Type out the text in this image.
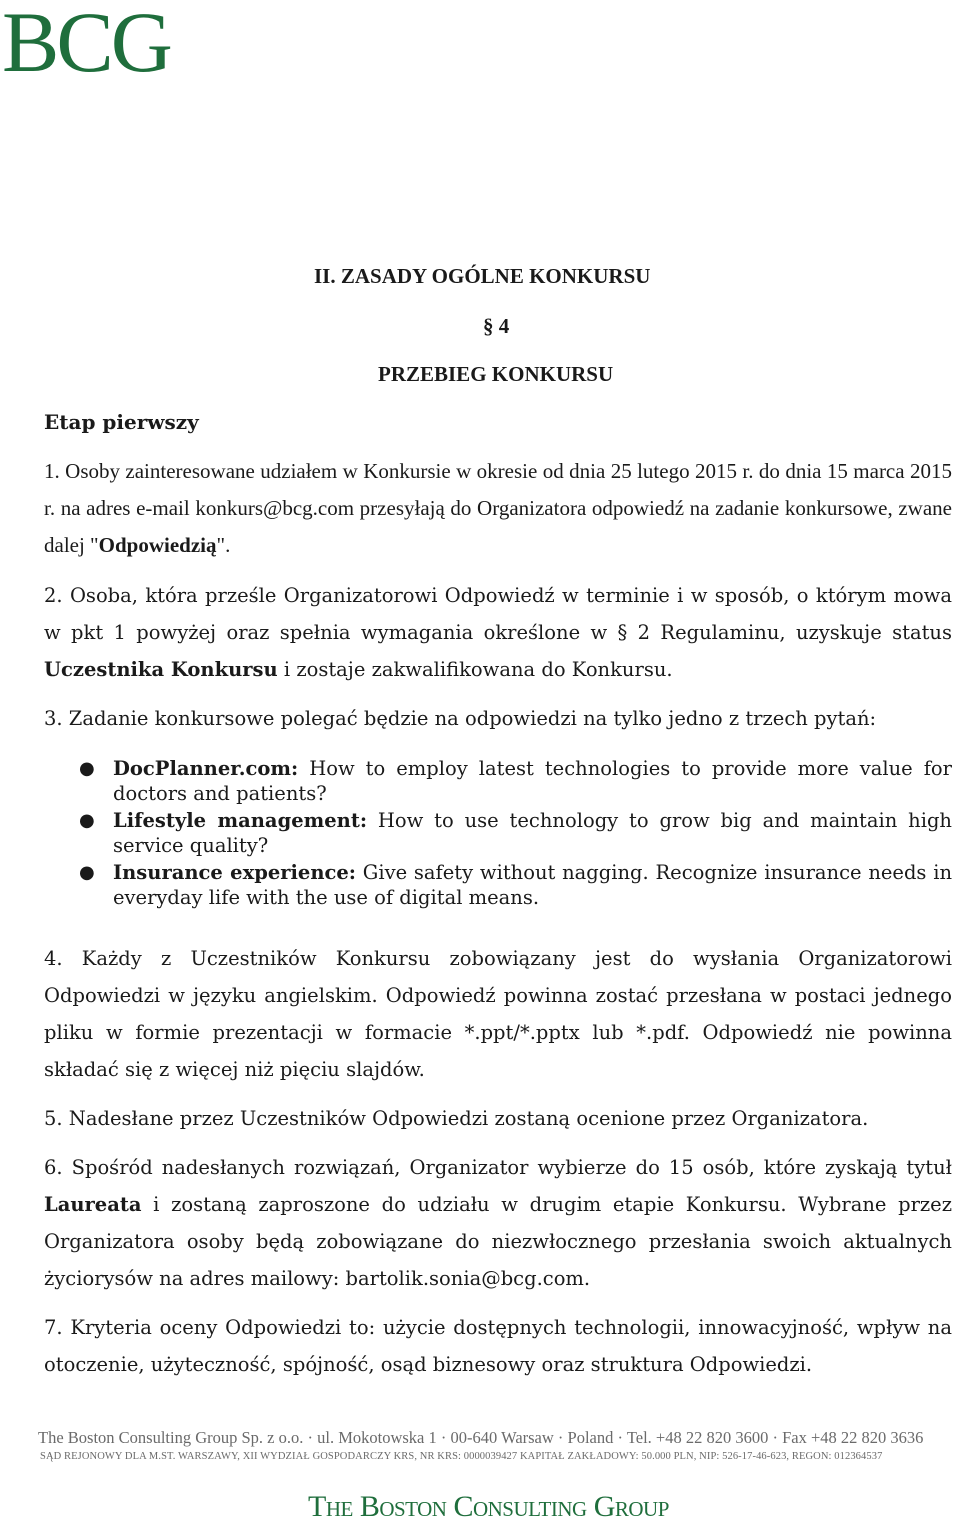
BCG
II. ZASADY OGÓLNE KONKURSU
§ 4
PRZEBIEG KONKURSU
Etap pierwszy
1. Osoby zainteresowane udziałem w Konkursie w okresie od dnia 25 lutego 2015 r. do dnia 15 marca 2015 r. na adres e-mail konkurs@bcg.com przesyłają do Organizatora odpowiedź na zadanie konkursowe, zwane dalej "Odpowiedzią".
2. Osoba, która prześle Organizatorowi Odpowiedź w terminie i w sposób, o którym mowa w pkt 1 powyżej oraz spełnia wymagania określone w § 2 Regulaminu, uzyskuje status Uczestnika Konkursu i zostaje zakwalifikowana do Konkursu.
3. Zadanie konkursowe polegać będzie na odpowiedzi na tylko jedno z trzech pytań:
● DocPlanner.com: How to employ latest technologies to provide more value for doctors and patients?
● Lifestyle management: How to use technology to grow big and maintain high service quality?
● Insurance experience: Give safety without nagging. Recognize insurance needs in everyday life with the use of digital means.
4. Każdy z Uczestników Konkursu zobowiązany jest do wysłania Organizatorowi Odpowiedzi w języku angielskim. Odpowiedź powinna zostać przesłana w postaci jednego pliku w formie prezentacji w formacie *.ppt/*.pptx lub *.pdf. Odpowiedź nie powinna składać się z więcej niż pięciu slajdów.
5. Nadesłane przez Uczestników Odpowiedzi zostaną ocenione przez Organizatora.
6. Spośród nadesłanych rozwiązań, Organizator wybierze do 15 osób, które zyskają tytuł Laureata i zostaną zaproszone do udziału w drugim etapie Konkursu. Wybrane przez Organizatora osoby będą zobowiązane do niezwłocznego przesłania swoich aktualnych życiorysów na adres mailowy: bartolik.sonia@bcg.com.
7. Kryteria oceny Odpowiedzi to: użycie dostępnych technologii, innowacyjność, wpływ na otoczenie, użyteczność, spójność, osąd biznesowy oraz struktura Odpowiedzi.
The Boston Consulting Group Sp. z o.o. · ul. Mokotowska 1 · 00-640 Warsaw · Poland · Tel. +48 22 820 3600 · Fax +48 22 820 3636
SĄD REJONOWY DLA M.ST. WARSZAWY, XII WYDZIAŁ GOSPODARCZY KRS, NR KRS: 0000039427 KAPITAŁ ZAKŁADOWY: 50.000 PLN, NIP: 526-17-46-623, REGON: 012364537
The Boston Consulting Group
